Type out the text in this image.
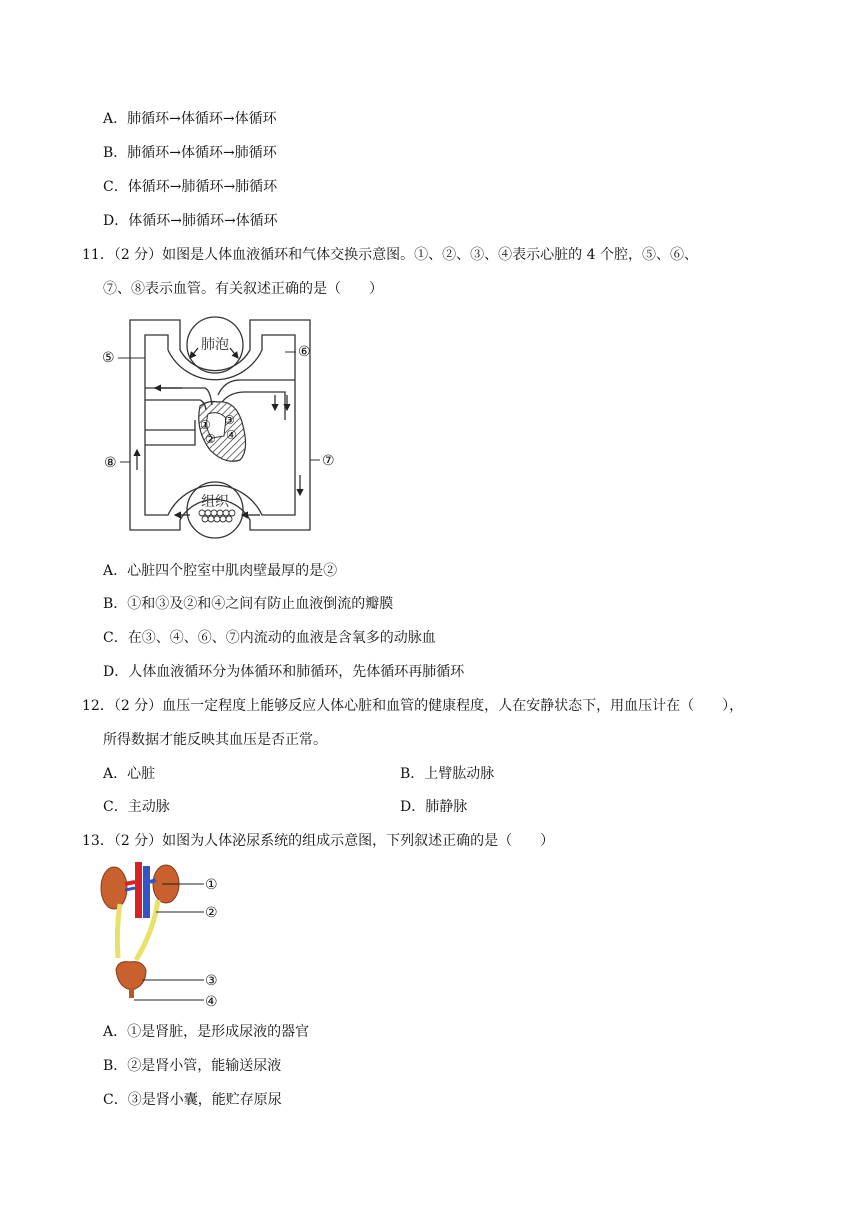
A．肺循环→体循环→体循环
B．肺循环→体循环→肺循环
C．体循环→肺循环→肺循环
D．体循环→肺循环→体循环
11．（2 分）如图是人体血液循环和气体交换示意图。①、②、③、④表示心脏的 4 个腔，⑤、⑥、
⑦、⑧表示血管。有关叙述正确的是（　　）
肺泡
组织
①
②
③
④
⑤	⑥
⑦
⑧
A．心脏四个腔室中肌肉壁最厚的是②
B．①和③及②和④之间有防止血液倒流的瓣膜
C．在③、④、⑥、⑦内流动的血液是含氧多的动脉血
D．人体血液循环分为体循环和肺循环，先体循环再肺循环
12．（2 分）血压一定程度上能够反应人体心脏和血管的健康程度，人在安静状态下，用血压计在（　　），
所得数据才能反映其血压是否正常。
A．心脏	B．上臂肱动脉
C．主动脉	D．肺静脉
13．（2 分）如图为人体泌尿系统的组成示意图，下列叙述正确的是（　　）
①
②
③
④
A．①是肾脏，是形成尿液的器官
B．②是肾小管，能输送尿液
C．③是肾小囊，能贮存原尿
